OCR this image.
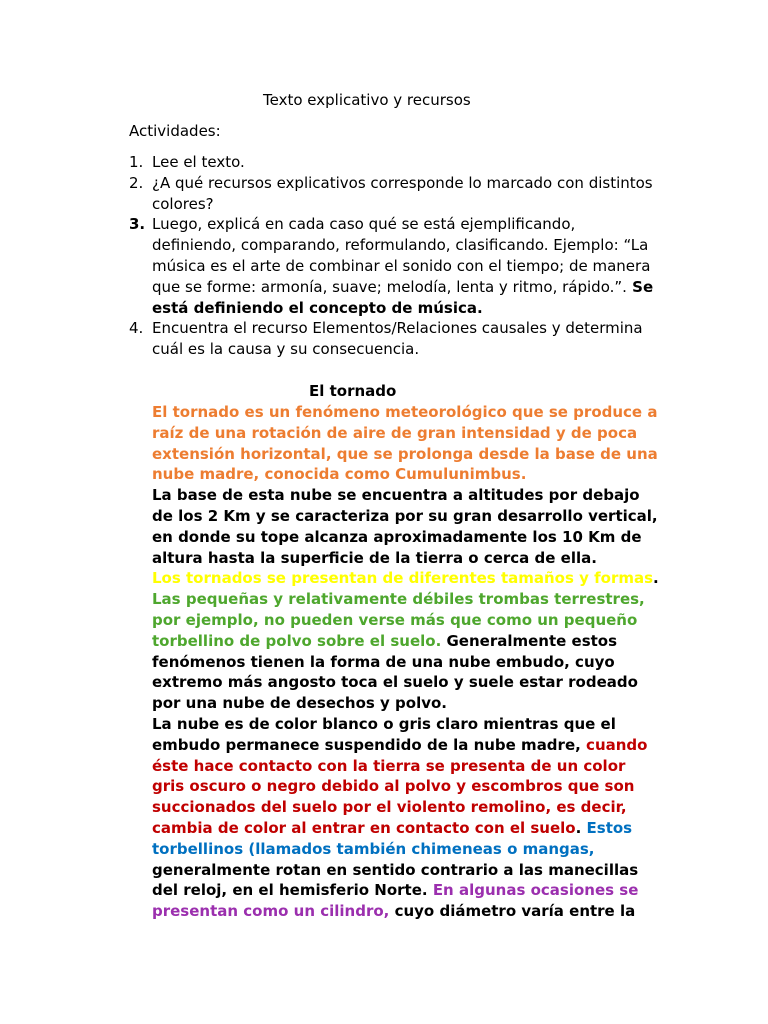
Texto explicativo y recursos
Actividades:
1. Lee el texto.
2. ¿A qué recursos explicativos corresponde lo marcado con distintos
colores?
3. Luego, explicá en cada caso qué se está ejemplificando,
definiendo, comparando, reformulando, clasificando. Ejemplo: “La
música es el arte de combinar el sonido con el tiempo; de manera
que se forme: armonía, suave; melodía, lenta y ritmo, rápido.”. Se
está definiendo el concepto de música.
4. Encuentra el recurso Elementos/Relaciones causales y determina
cuál es la causa y su consecuencia.
El tornado

El tornado es un fenómeno meteorológico que se produce a

raíz de una rotación de aire de gran intensidad y de poca

extensión horizontal, que se prolonga desde la base de una

nube madre, conocida como Cumulunimbus.

La base de esta nube se encuentra a altitudes por debajo

de los 2 Km y se caracteriza por su gran desarrollo vertical,

en donde su tope alcanza aproximadamente los 10 Km de

altura hasta la superficie de la tierra o cerca de ella.

Los tornados se presentan de diferentes tamaños y formas.

Las pequeñas y relativamente débiles trombas terrestres,

por ejemplo, no pueden verse más que como un pequeño

torbellino de polvo sobre el suelo. Generalmente estos

fenómenos tienen la forma de una nube embudo, cuyo

extremo más angosto toca el suelo y suele estar rodeado

por una nube de desechos y polvo.

La nube es de color blanco o gris claro mientras que el

embudo permanece suspendido de la nube madre, cuando

éste hace contacto con la tierra se presenta de un color

gris oscuro o negro debido al polvo y escombros que son

succionados del suelo por el violento remolino, es decir,

cambia de color al entrar en contacto con el suelo. Estos

torbellinos (llamados también chimeneas o mangas,

generalmente rotan en sentido contrario a las manecillas

del reloj, en el hemisferio Norte. En algunas ocasiones se

presentan como un cilindro, cuyo diámetro varía entre la
